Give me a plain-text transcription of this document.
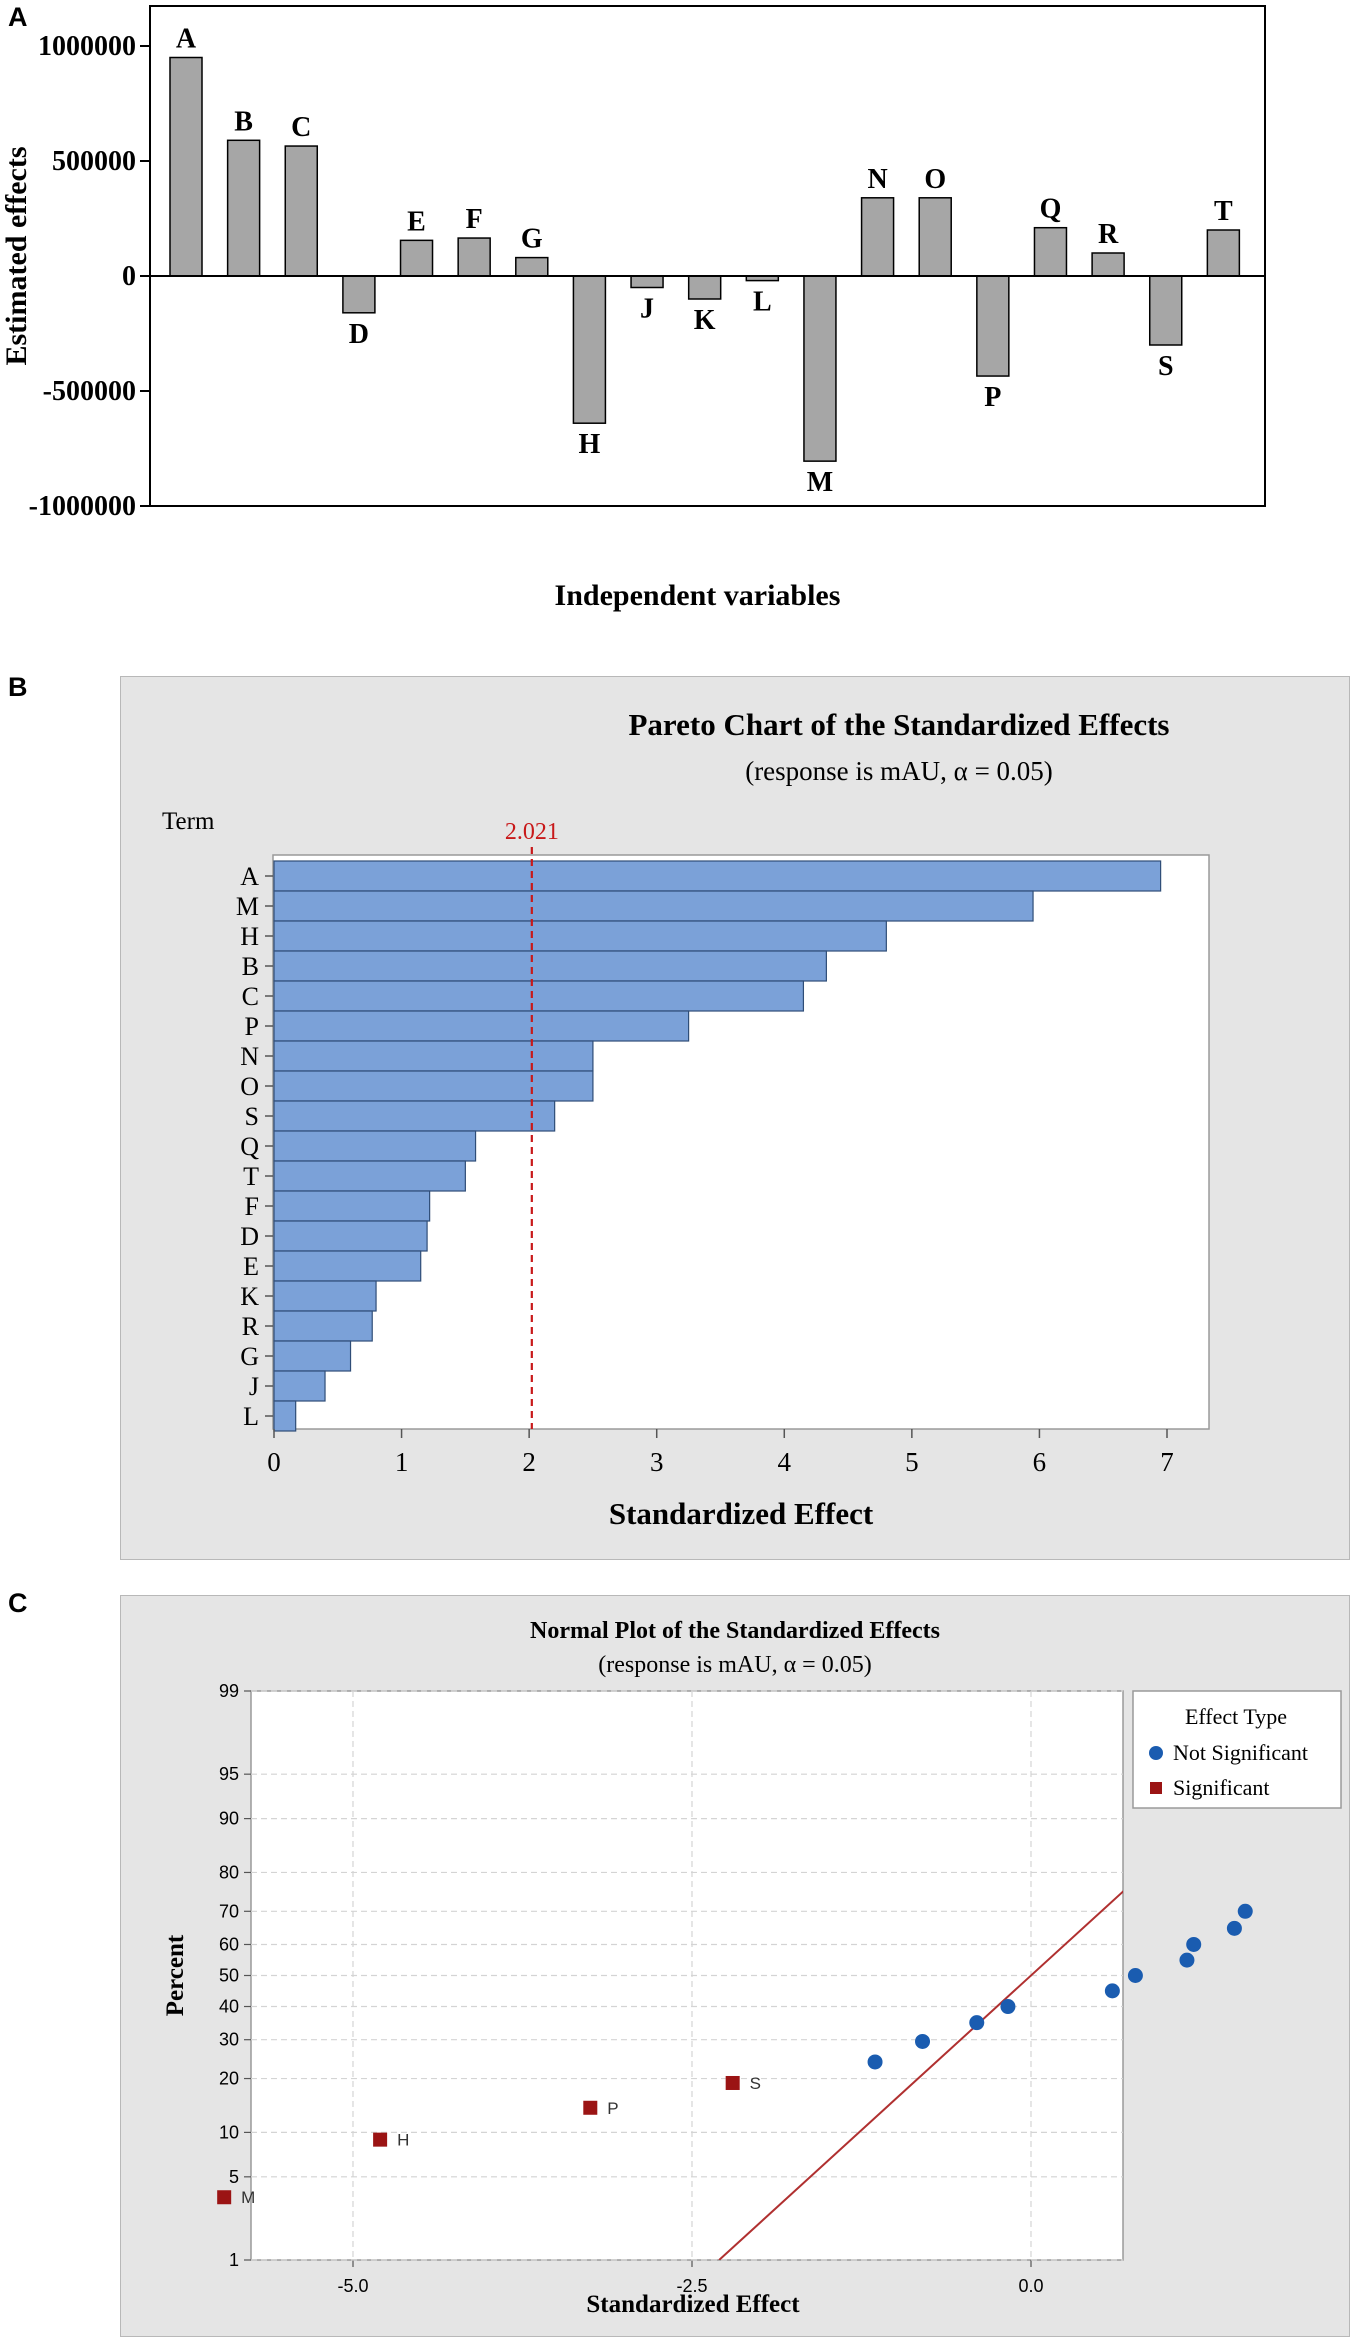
A
B
C
1000000
500000
0
-500000
-1000000
A
B C
D
E F
G
H
J K
L
M
N O
P
Q
R
S
T
Independent variables
Estimated effects
Pareto Chart of the Standardized Effects
(response is mAU, α = 0.05)
Term
A
M
H
B
C
P
N
O
S
Q
T
F
D
E
K
R
G
J
L
2.021
0	1	2	3	4	5	6	7
Standardized Effect
Normal Plot of the Standardized Effects
(response is mAU, α = 0.05)
-5.0	-2.5	0.0
1
5
10
20
30
40
50
60
70
80
90
95
99
S
P
H
M
Effect Type
Not Significant
Significant
Standardized Effect
Percent
